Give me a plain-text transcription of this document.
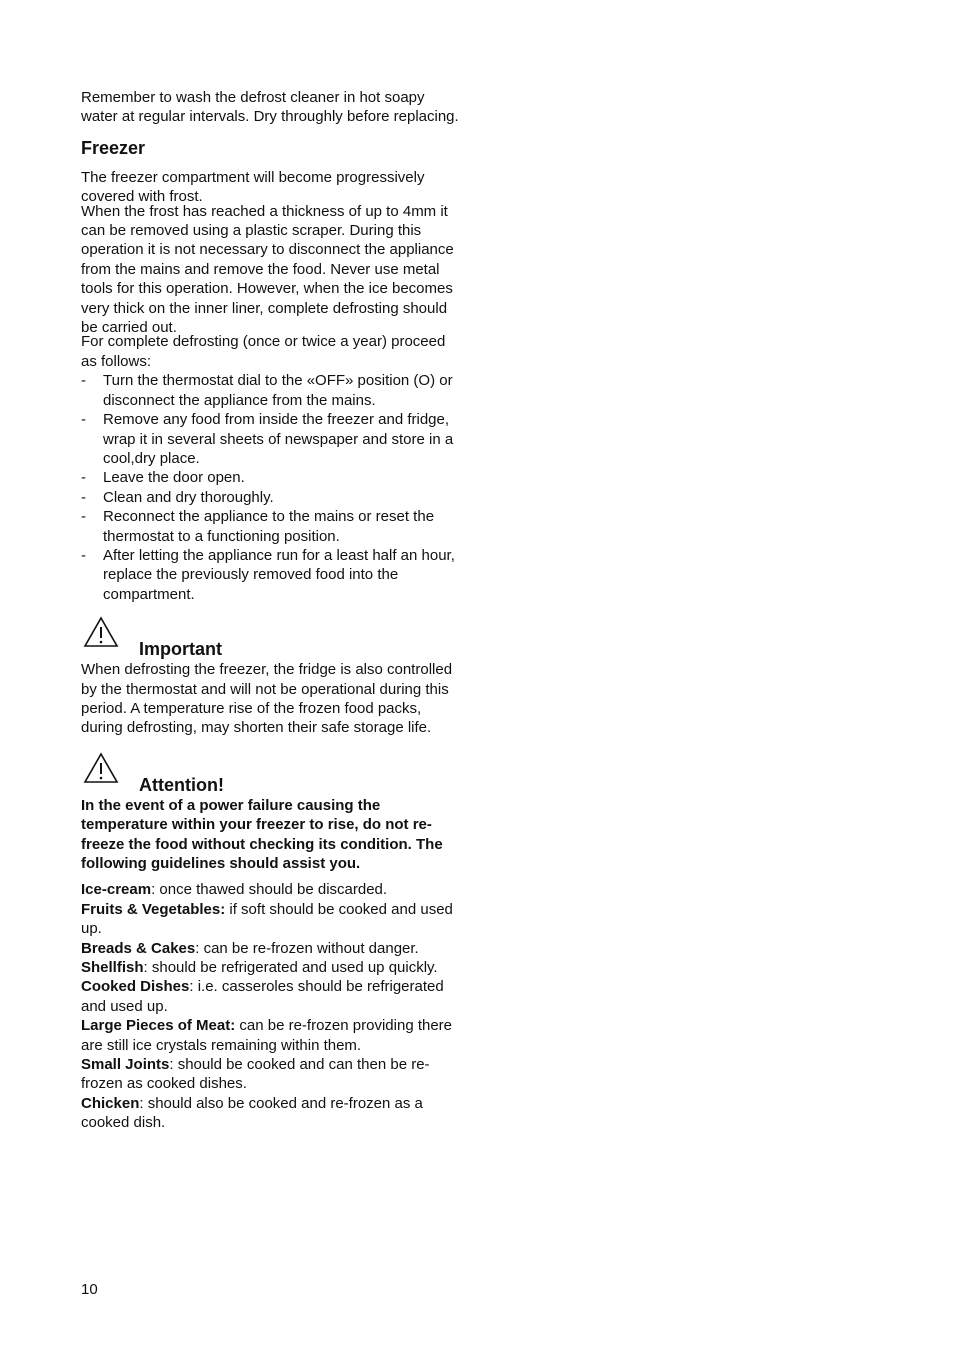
Remember to wash the defrost cleaner in hot soapy water at regular intervals. Dry throughly before replacing.

Freezer

The freezer compartment will become progressively covered with frost.

When the frost has reached a thickness of up to 4mm it can be removed using a plastic scraper. During this operation it is not necessary to disconnect the appliance from the mains and remove the food. Never use metal tools for this operation. However, when the ice becomes very thick on the inner liner, complete defrosting should be carried out.

For complete defrosting (once or twice a year) proceed as follows:

- Turn the thermostat dial to the «OFF» position (O) or disconnect the appliance from the mains.
- Remove any food from inside the freezer and fridge, wrap it in several sheets of newspaper and store in a cool,dry place.
- Leave the door open.
- Clean and dry thoroughly.
- Reconnect the appliance to the mains or reset the thermostat to a functioning position.
- After letting the appliance run for a least half an hour, replace the previously removed food into the compartment.
Important

When defrosting the freezer, the fridge is also controlled by the thermostat and will not be operational during this period. A temperature rise of the frozen food packs, during defrosting, may shorten their safe storage life.

Attention!

In the event of a power failure causing the temperature within your freezer to rise, do not re-freeze the food without checking its condition. The following guidelines should assist you.

Ice-cream: once thawed should be discarded.

Fruits & Vegetables: if soft should be cooked and used up.

Breads & Cakes: can be re-frozen without danger.

Shellfish: should be refrigerated and used up quickly.

Cooked Dishes: i.e. casseroles should be refrigerated and used up.

Large Pieces of Meat: can be re-frozen providing there are still ice crystals remaining within them.

Small Joints: should be cooked and can then be re-frozen as cooked dishes.

Chicken: should also be cooked and re-frozen as a cooked dish.

10
